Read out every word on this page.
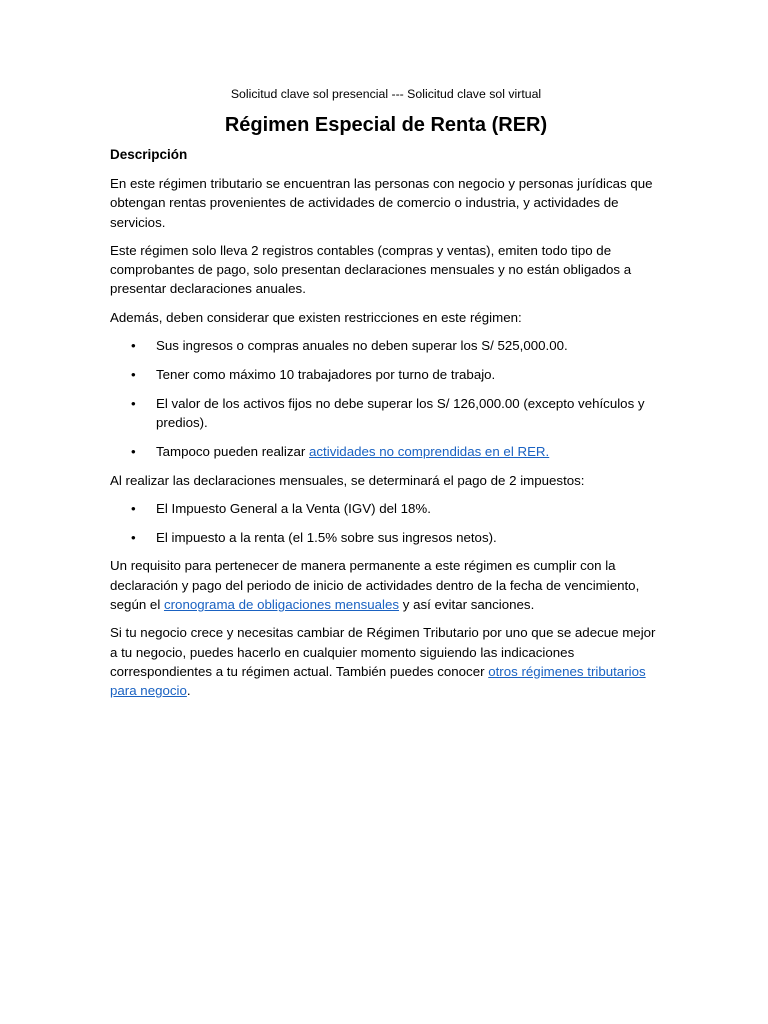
Solicitud clave sol presencial --- Solicitud clave sol virtual
Régimen Especial de Renta (RER)
Descripción

En este régimen tributario se encuentran las personas con negocio y personas jurídicas que obtengan rentas provenientes de actividades de comercio o industria, y actividades de servicios.

Este régimen solo lleva 2 registros contables (compras y ventas), emiten todo tipo de comprobantes de pago, solo presentan declaraciones mensuales y no están obligados a presentar declaraciones anuales.

Además, deben considerar que existen restricciones en este régimen:

• Sus ingresos o compras anuales no deben superar los S/ 525,000.00.
• Tener como máximo 10 trabajadores por turno de trabajo.
• El valor de los activos fijos no debe superar los S/ 126,000.00 (excepto vehículos y predios).
• Tampoco pueden realizar actividades no comprendidas en el RER.

Al realizar las declaraciones mensuales, se determinará el pago de 2 impuestos:

• El Impuesto General a la Venta (IGV) del 18%.
• El impuesto a la renta (el 1.5% sobre sus ingresos netos).

Un requisito para pertenecer de manera permanente a este régimen es cumplir con la declaración y pago del periodo de inicio de actividades dentro de la fecha de vencimiento, según el cronograma de obligaciones mensuales y así evitar sanciones.

Si tu negocio crece y necesitas cambiar de Régimen Tributario por uno que se adecue mejor a tu negocio, puedes hacerlo en cualquier momento siguiendo las indicaciones correspondientes a tu régimen actual. También puedes conocer otros régimenes tributarios para negocio.
